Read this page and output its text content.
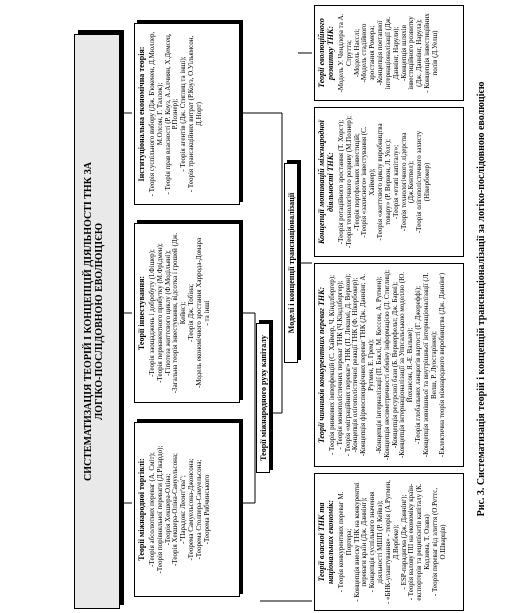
СИСТЕМАТИЗАЦІЯ ТЕОРІЙ І КОНЦЕПЦІЙ ДІЯЛЬНОСТІ ТНК ЗА ЛОГІКО-ПОСЛІДОВНОЮ ЕВОЛЮЦІЄЮ
Теорії міжнародної торгівлі: -Теорія абсолютних переваг (А. Сміт); -Теорія порівняльної переваги (Д.Рікардо); -Теорія Хекшера-Оліна; -Теорія Хекшера-Оліна-Самуельсона; -"Парадокс Леонт'єва"; -Теорема Самуельсона-Джонсона; -Теорема Столпера-Самуельсона; -Теорема Рибчинського
Теорії інвестування: -Теорія заощаджень і добробуту (І.Фішер); -Теорія перманентного прибутку (М.Фрідмен); -Гіпотеза життєвого циклу (Ф.Модільяні); -Загальна теорія інвестування, відсотка і грошей (Дж. Кейнс); -Теорія Дж. Тобіна; -Модель економічного зростання Харрода-Домара - та інші
Інституціональна економічна теорія: - Теорія суспільного вибору (Дж. Б'юкенен, Д.Мюллер, М.Олсон, Г. Таллок); - Теорія прав власності (Р. Коуз, А.Алчиян, Х.Демсец, Р.Познер); - Теорія агентів (Дж. Стиглиц та інші); - Теорія трансакційних витрат (Р.Коуз, О.Уільямсон, Д.Норт)
Теорії міжнародного руху капіталу
Моделі і концепції транснаціоналізації
Теорії власної ТНК та національних економік: - Теорія конкурентних переваг М. Портера; - Концепція внеску ТНК на конкурентні переваги країн (Дж. Даннінг); - Концепція суспільного значення діяльності МШП (Р. Кейвз); - «БНК-улаштування» - теорія (А.Ругмен, Д.Вербеке); - ESP-парадигма (Дж. Даннінг); - Теорія валову ПІІ на економіку країн-експортерів та реципієнтів капіталу (К. Кодзима, Т. Озава) - Теорія переваг від злиття (О.Реттс, О.Шварців)
Теорії чинників конкурентних переваг ТНК: - Теорія ринкових імперфекцій (С. Хаймер, Ч. Кіндлбергер); - Теорія монополістичних переваг ТНК (Ч.Кіндлбергер); - Теорія «міграційних переваг» ТНК (П. Лекшмі, Д. Вернон); -Концепція олігополістичної реакції ТНК (Ф. Нікербокер); -Концепція фірмоспецифічних переваг ТНК (Дж. Даннінг, А. Ругмен, Е. Грем); -Концепція інтерналізації (П. Баклі, М. Кессон, А. Ругмен); -Концепція несиметричності обміну інформацією (Д. Стиглиц); -Концепція ресурсної бази (Б. Вернерфельт, Дж. Барні); -Концепція інтернаціоналізації за Уппсальською моделлю (Ю. Йохансон, Я.-Е. Вальне); -Теорія глобальних ланцюгів вартості (Г. Джереффі); -Концепція зовнішньої та внутрішньої інтернаціоналізації (Л. Велш, Р. Луостарінен); -Еклектична теорія міжнародного виробництва (Дж. Даннінг)
Концепції мотивацій міжнародної діяльності ТНК: -Теорія ротаційного зростання (Т. Хорст); -Теорія технологічного розриву (М.Познер); -Теорія портфельних інвестицій; -Теорія «захисного» інвестування (С. Хаймер); -Теорія «життєвого циклу виробництва товару» (Р. Вернон, Л. Уелс); -Теорія «етапі капіталу»; -Теорія технологічного лідерства (Дж.Кентвел); -Теорія олігополістичного захисту (Нікербокер)
Теорії еволюційного розвитку ТНК: -Модель У. Чендлера та А. Струтта; -Модель Наєслі; -Модель стадійного зростання Ромера; -Концепція поетапної інтернаціоналізації (Дж. Даннінг, Нарули); -Концепція шляхів інвестиційного розвитку (Дж. Даннінг, Нарула); - Концепція інвестиційних полів (Д.Уелш)
Рис. 3. Систематизація теорій і концепцій транснаціоналізації за логіко-послідовною еволюцією
